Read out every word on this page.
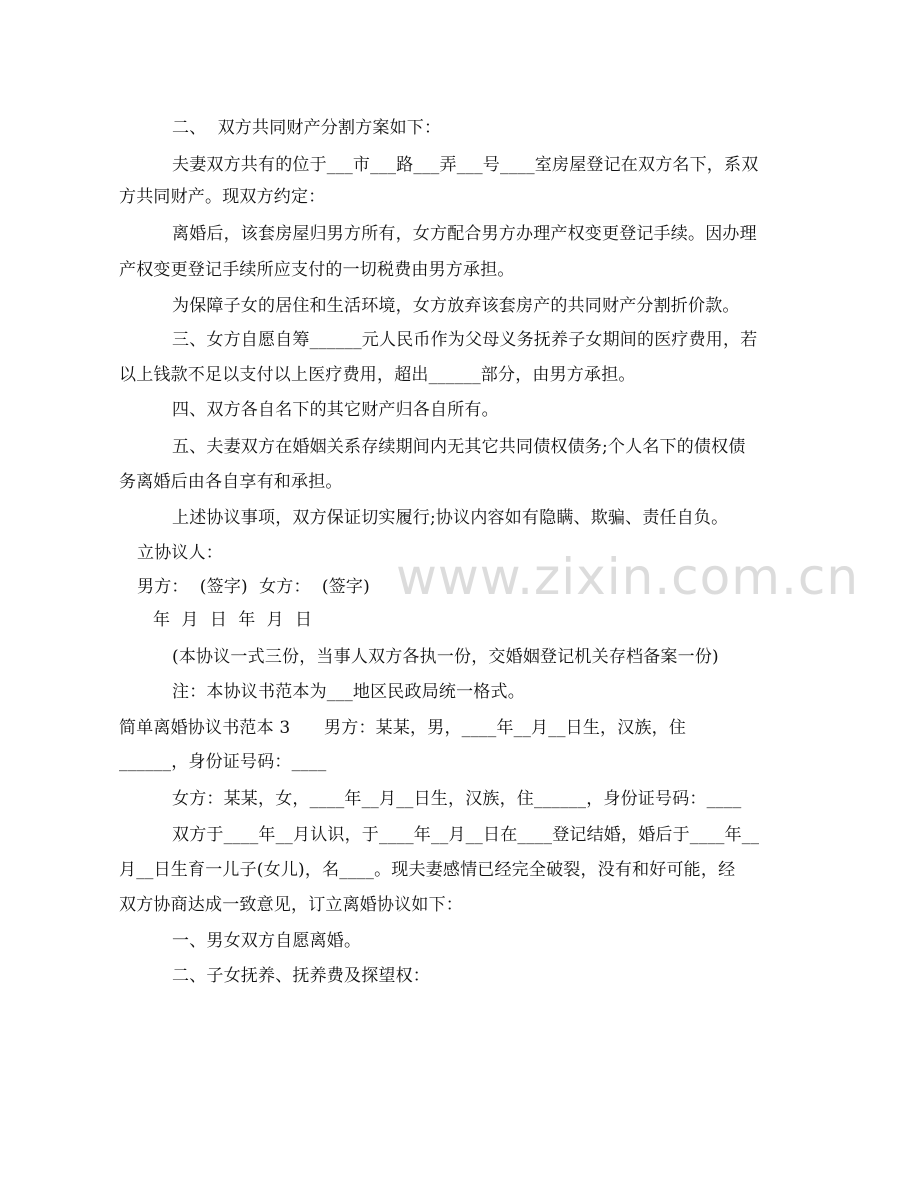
www.zixin.com.cn
二、  双方共同财产分割方案如下：
夫妻双方共有的位于___市___路___弄___号____室房屋登记在双方名下，系双
方共同财产。现双方约定：
离婚后，该套房屋归男方所有，女方配合男方办理产权变更登记手续。因办理
产权变更登记手续所应支付的一切税费由男方承担。
为保障子女的居住和生活环境，女方放弃该套房产的共同财产分割折价款。
三、女方自愿自筹______元人民币作为父母义务抚养子女期间的医疗费用，若
以上钱款不足以支付以上医疗费用，超出______部分，由男方承担。
四、双方各自名下的其它财产归各自所有。
五、夫妻双方在婚姻关系存续期间内无其它共同债权债务;个人名下的债权债
务离婚后由各自享有和承担。
上述协议事项，双方保证切实履行;协议内容如有隐瞒、欺骗、责任自负。
立协议人：
男方：  (签字)  女方：  (签字)
年  月  日  年  月  日
(本协议一式三份，当事人双方各执一份，交婚姻登记机关存档备案一份)
注：本协议书范本为___地区民政局统一格式。
简单离婚协议书范本 3      男方：某某，男，____年__月__日生，汉族，住
______，身份证号码：____
女方：某某，女，____年__月__日生，汉族，住______，身份证号码：____
双方于____年__月认识，于____年__月__日在____登记结婚，婚后于____年__
月__日生育一儿子(女儿)，名____。现夫妻感情已经完全破裂，没有和好可能，经
双方协商达成一致意见，订立离婚协议如下：
一、男女双方自愿离婚。
二、子女抚养、抚养费及探望权：
